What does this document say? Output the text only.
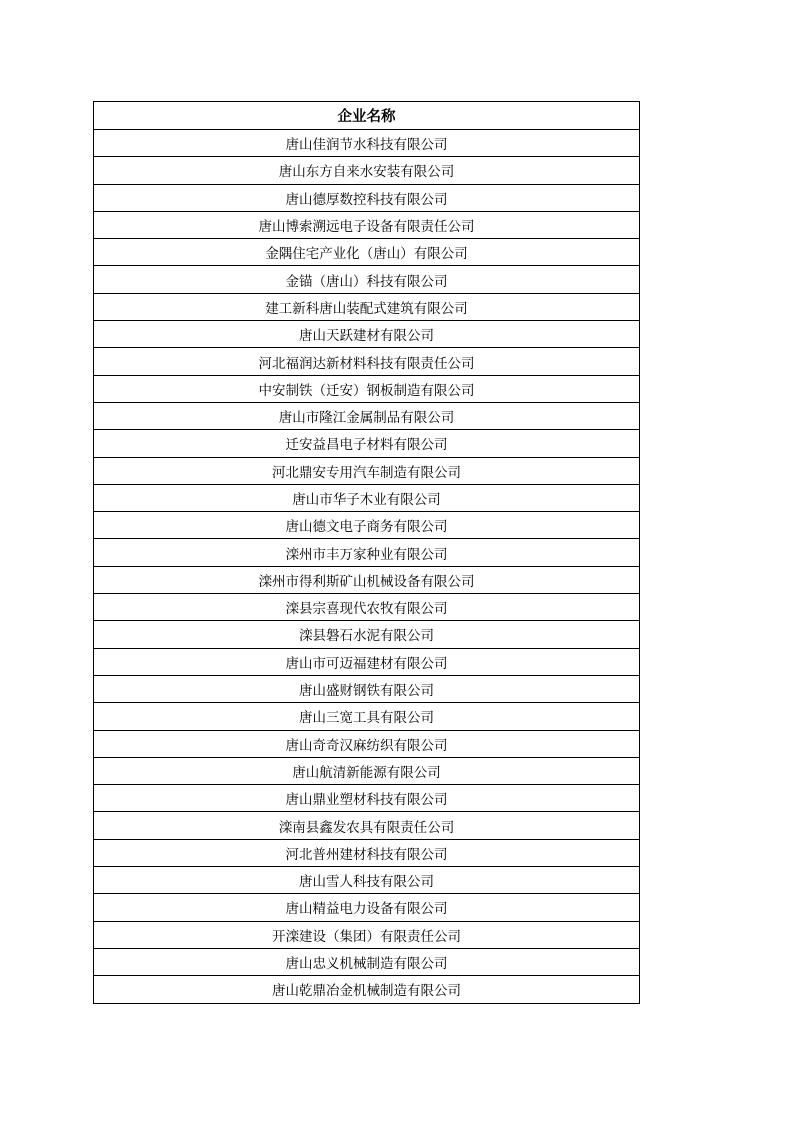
企业名称
唐山佳润节水科技有限公司
唐山东方自来水安装有限公司
唐山德厚数控科技有限公司
唐山博索溯远电子设备有限责任公司
金隅住宅产业化（唐山）有限公司
金锚（唐山）科技有限公司
建工新科唐山装配式建筑有限公司
唐山天跃建材有限公司
河北福润达新材料科技有限责任公司
中安制铁（迁安）钢板制造有限公司
唐山市隆江金属制品有限公司
迁安益昌电子材料有限公司
河北鼎安专用汽车制造有限公司
唐山市华子木业有限公司
唐山德文电子商务有限公司
滦州市丰万家种业有限公司
滦州市得利斯矿山机械设备有限公司
滦县宗喜现代农牧有限公司
滦县磐石水泥有限公司
唐山市可迈福建材有限公司
唐山盛财钢铁有限公司
唐山三宽工具有限公司
唐山奇奇汉麻纺织有限公司
唐山航清新能源有限公司
唐山鼎业塑材科技有限公司
滦南县鑫发农具有限责任公司
河北普州建材科技有限公司
唐山雪人科技有限公司
唐山精益电力设备有限公司
开滦建设（集团）有限责任公司
唐山忠义机械制造有限公司
唐山乾鼎冶金机械制造有限公司
